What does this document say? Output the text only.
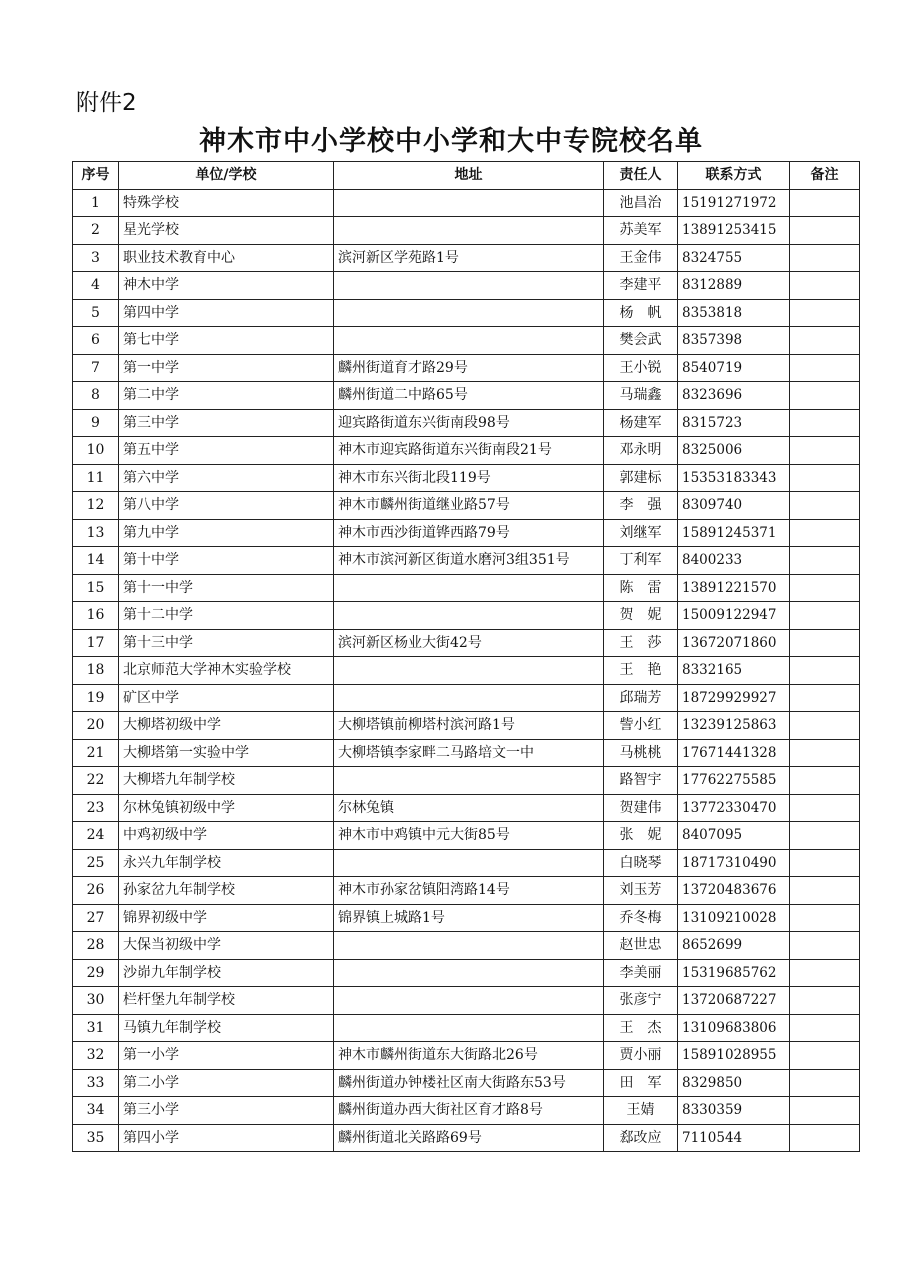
附件2
神木市中小学校中小学和大中专院校名单
序号	单位/学校	地址	责任人	联系方式	备注
1	特殊学校		池昌治	15191271972	
2	星光学校		苏美军	13891253415	
3	职业技术教育中心	滨河新区学苑路1号	王金伟	8324755	
4	神木中学		李建平	8312889	
5	第四中学		杨　帆	8353818	
6	第七中学		樊会武	8357398	
7	第一中学	麟州街道育才路29号	王小锐	8540719	
8	第二中学	麟州街道二中路65号	马瑞鑫	8323696	
9	第三中学	迎宾路街道东兴街南段98号	杨建军	8315723	
10	第五中学	神木市迎宾路街道东兴街南段21号	邓永明	8325006	
11	第六中学	神木市东兴街北段119号	郭建标	15353183343	
12	第八中学	神木市麟州街道继业路57号	李　强	8309740	
13	第九中学	神木市西沙街道铧西路79号	刘继军	15891245371	
14	第十中学	神木市滨河新区街道水磨河3组351号	丁利军	8400233	
15	第十一中学		陈　雷	13891221570	
16	第十二中学		贺　妮	15009122947	
17	第十三中学	滨河新区杨业大街42号	王　莎	13672071860	
18	北京师范大学神木实验学校		王　艳	8332165	
19	矿区中学		邱瑞芳	18729929927	
20	大柳塔初级中学	大柳塔镇前柳塔村滨河路1号	訾小红	13239125863	
21	大柳塔第一实验中学	大柳塔镇李家畔二马路培文一中	马桃桃	17671441328	
22	大柳塔九年制学校		路智宇	17762275585	
23	尔林兔镇初级中学	尔林兔镇	贺建伟	13772330470	
24	中鸡初级中学	神木市中鸡镇中元大街85号	张　妮	8407095	
25	永兴九年制学校		白晓琴	18717310490	
26	孙家岔九年制学校	神木市孙家岔镇阳湾路14号	刘玉芳	13720483676	
27	锦界初级中学	锦界镇上城路1号	乔冬梅	13109210028	
28	大保当初级中学		赵世忠	8652699	
29	沙峁九年制学校		李美丽	15319685762	
30	栏杆堡九年制学校		张彦宁	13720687227	
31	马镇九年制学校		王　杰	13109683806	
32	第一小学	神木市麟州街道东大街路北26号	贾小丽	15891028955	
33	第二小学	麟州街道办钟楼社区南大街路东53号	田　军	8329850	
34	第三小学	麟州街道办西大街社区育才路8号	王婧	8330359	
35	第四小学	麟州街道北关路路69号	郄改应	7110544	
